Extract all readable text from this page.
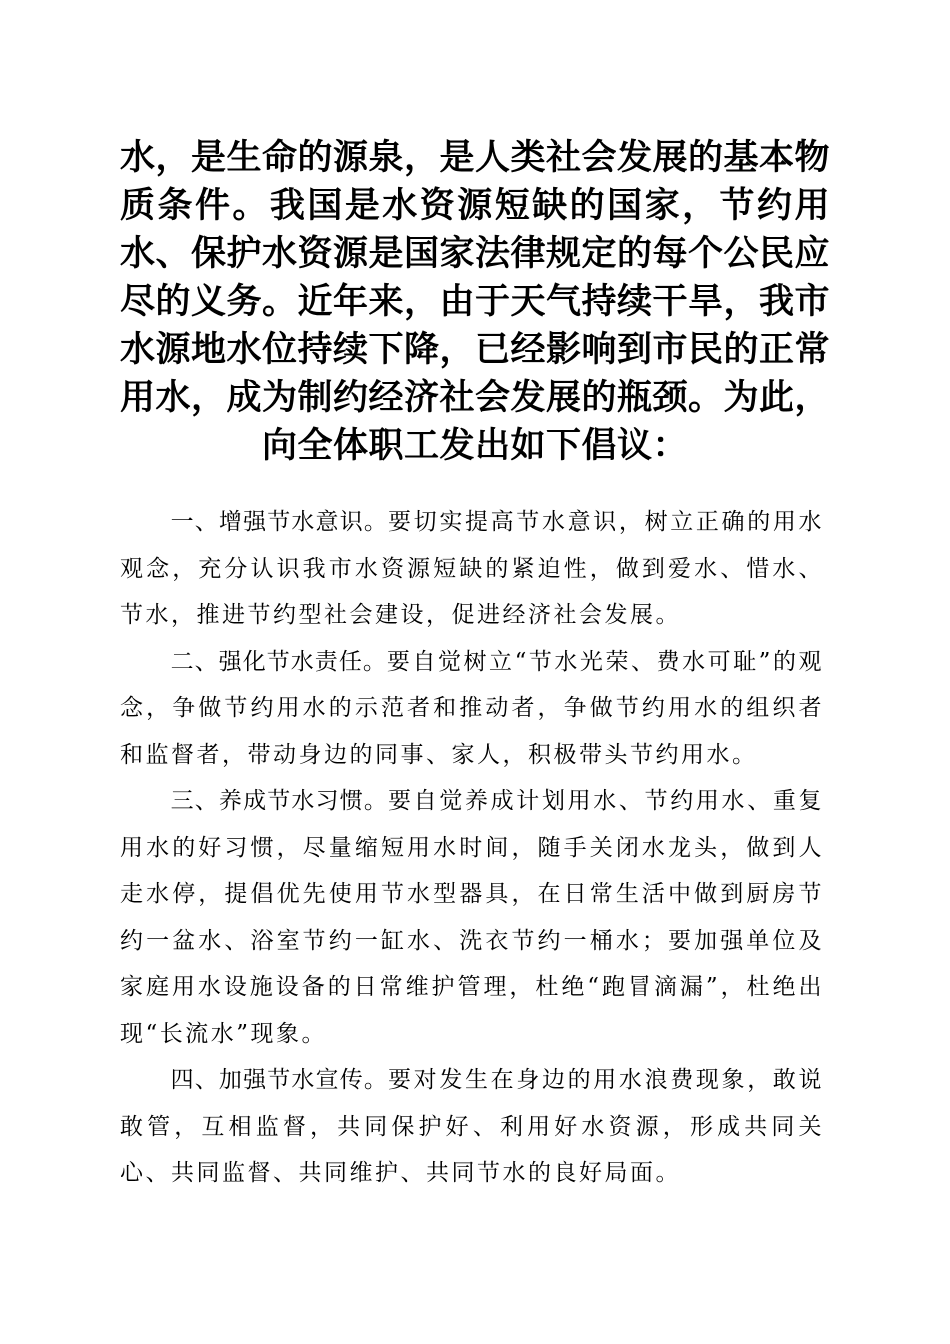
水，是生命的源泉，是人类社会发展的基本物质条件。我国是水资源短缺的国家，节约用水、保护水资源是国家法律规定的每个公民应尽的义务。近年来，由于天气持续干旱，我市水源地水位持续下降，已经影响到市民的正常用水，成为制约经济社会发展的瓶颈。为此，向全体职工发出如下倡议：

一、增强节水意识。要切实提高节水意识，树立正确的用水观念，充分认识我市水资源短缺的紧迫性，做到爱水、惜水、节水，推进节约型社会建设，促进经济社会发展。

二、强化节水责任。要自觉树立“节水光荣、费水可耻”的观念，争做节约用水的示范者和推动者，争做节约用水的组织者和监督者，带动身边的同事、家人，积极带头节约用水。

三、养成节水习惯。要自觉养成计划用水、节约用水、重复用水的好习惯，尽量缩短用水时间，随手关闭水龙头，做到人走水停，提倡优先使用节水型器具，在日常生活中做到厨房节约一盆水、浴室节约一缸水、洗衣节约一桶水；要加强单位及家庭用水设施设备的日常维护管理，杜绝“跑冒滴漏”，杜绝出现“长流水”现象。

四、加强节水宣传。要对发生在身边的用水浪费现象，敢说敢管，互相监督，共同保护好、利用好水资源，形成共同关心、共同监督、共同维护、共同节水的良好局面。
